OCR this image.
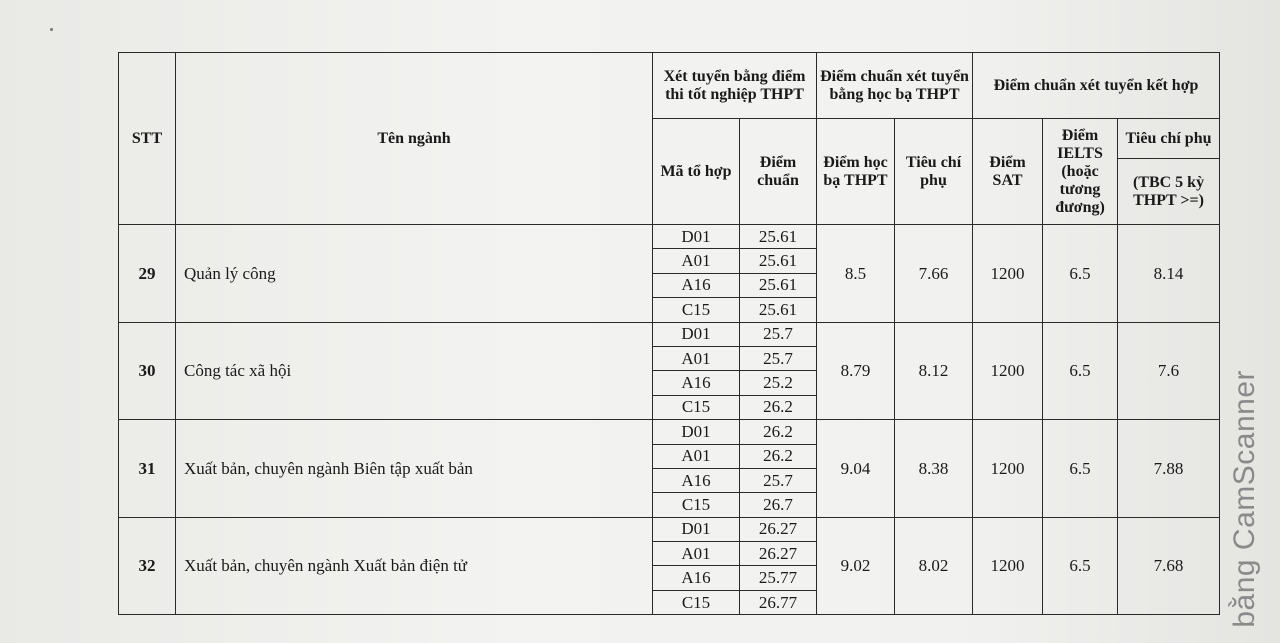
STT	Tên ngành	Xét tuyển bằng điểm thi tốt nghiệp THPT		Điểm chuẩn xét tuyển bằng học bạ THPT		Điểm chuẩn xét tuyển kết hợp		
		Mã tổ hợp	Điểm chuẩn	Điểm học bạ THPT	Tiêu chí phụ	Điểm SAT	Điểm IELTS (hoặc tương đương)	Tiêu chí phụ
								(TBC 5 kỳ THPT >=)
29	Quản lý công	D01	25.61	8.5	7.66	1200	6.5	8.14
		A01	25.61					
		A16	25.61					
		C15	25.61					
30	Công tác xã hội	D01	25.7	8.79	8.12	1200	6.5	7.6
		A01	25.7					
		A16	25.2					
		C15	26.2					
31	Xuất bản, chuyên ngành Biên tập xuất bản	D01	26.2	9.04	8.38	1200	6.5	7.88
		A01	26.2					
		A16	25.7					
		C15	26.7					
32	Xuất bản, chuyên ngành Xuất bản điện tử	D01	26.27	9.02	8.02	1200	6.5	7.68
		A01	26.27					
		A16	25.77					
		C15	26.77						bằng CamScanner
